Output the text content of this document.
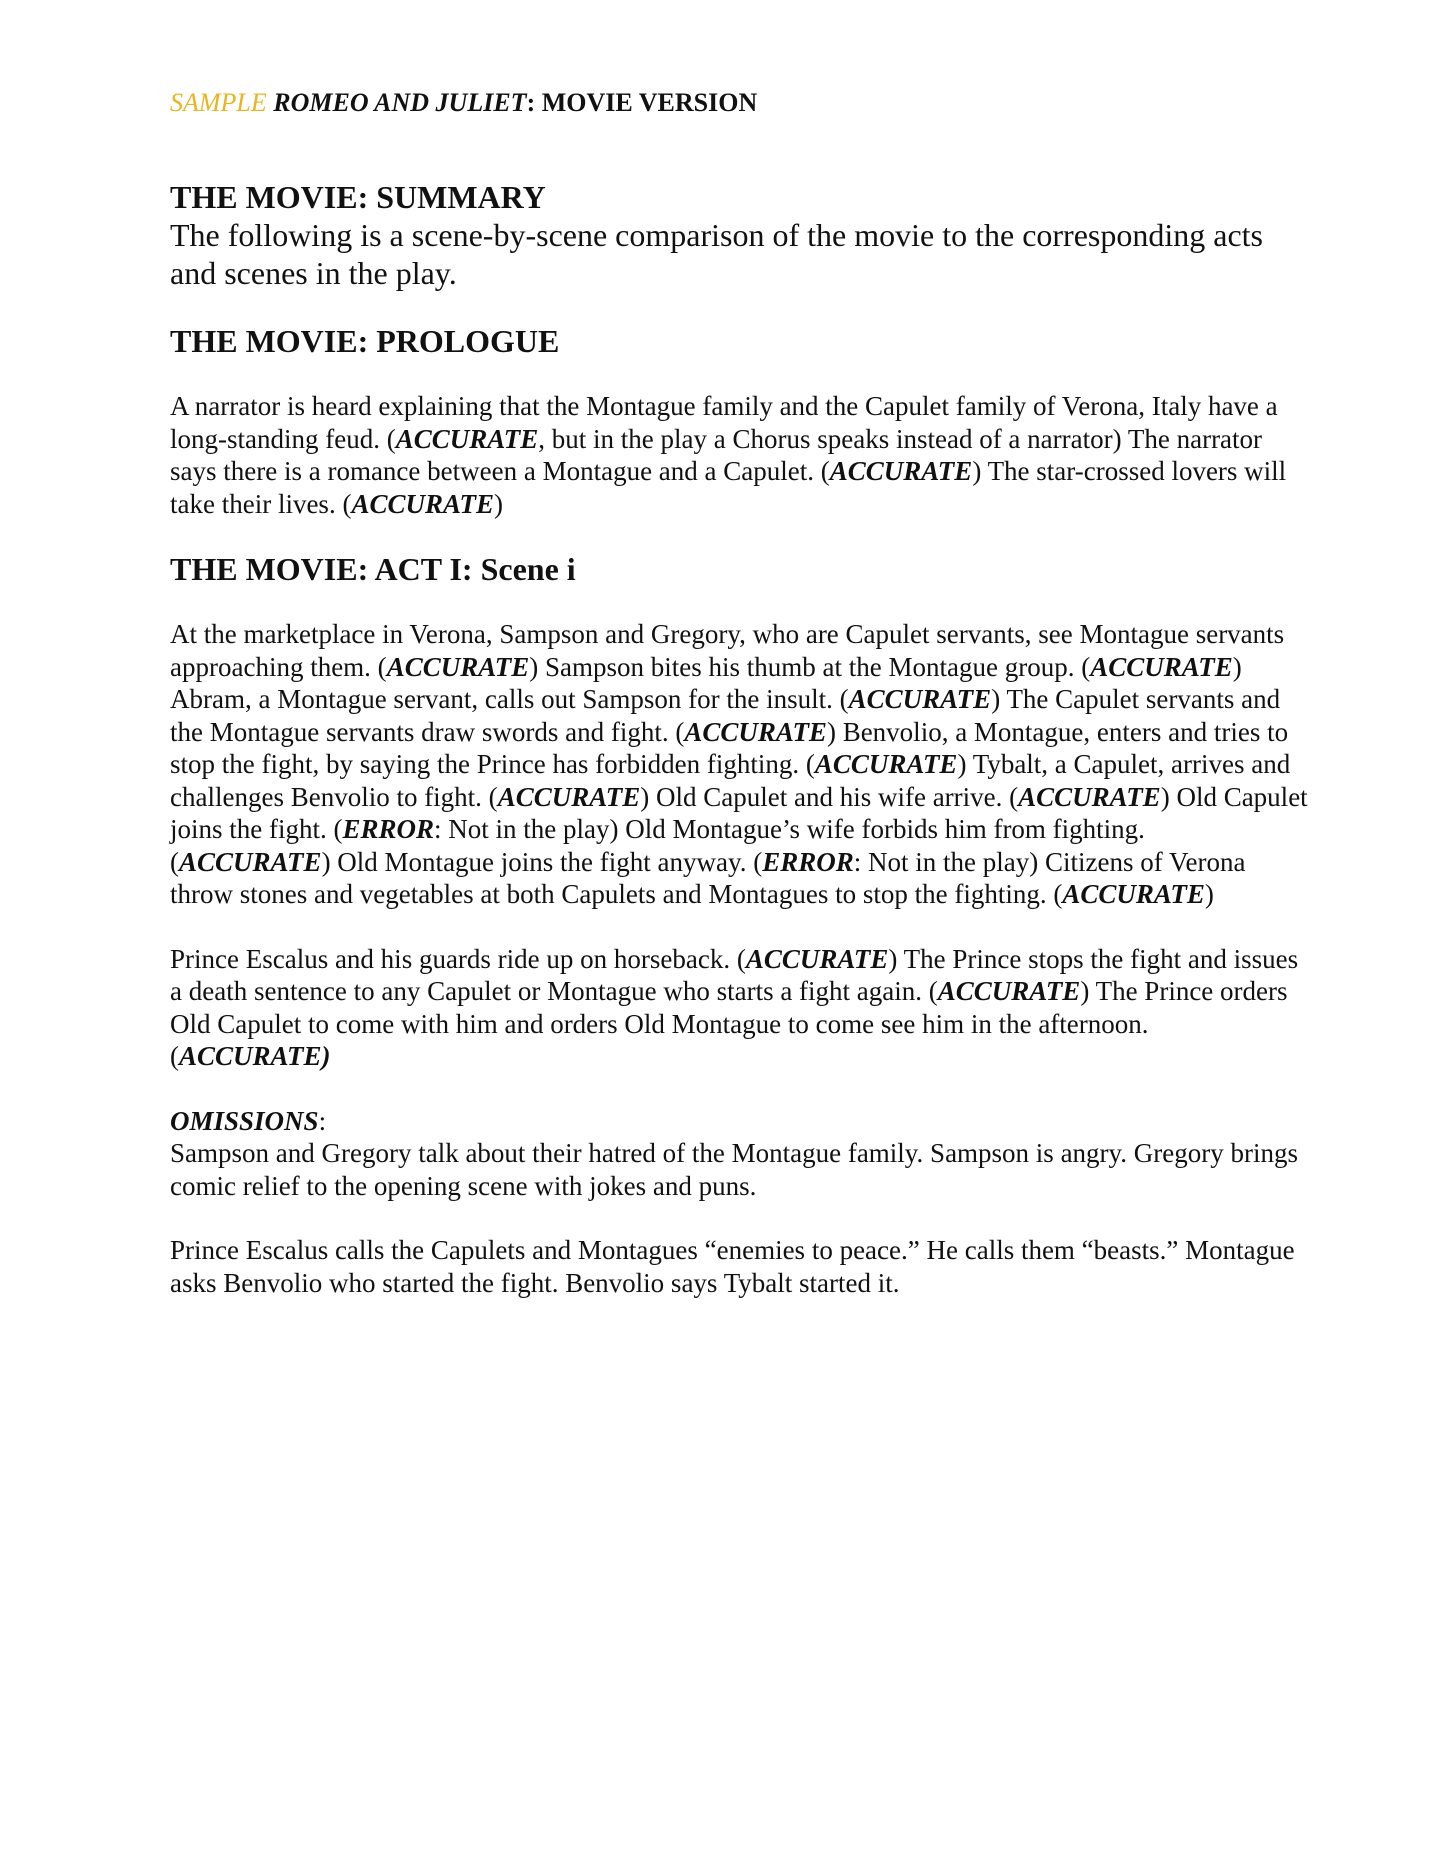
SAMPLE ROMEO AND JULIET: MOVIE VERSION

THE MOVIE: SUMMARY

The following is a scene-by-scene comparison of the movie to the corresponding acts and scenes in the play.

THE MOVIE: PROLOGUE

A narrator is heard explaining that the Montague family and the Capulet family of Verona, Italy have a long-standing feud. (ACCURATE, but in the play a Chorus speaks instead of a narrator) The narrator says there is a romance between a Montague and a Capulet. (ACCURATE) The star-crossed lovers will take their lives. (ACCURATE)

THE MOVIE: ACT I: Scene i

At the marketplace in Verona, Sampson and Gregory, who are Capulet servants, see Montague servants approaching them. (ACCURATE) Sampson bites his thumb at the Montague group. (ACCURATE) Abram, a Montague servant, calls out Sampson for the insult. (ACCURATE) The Capulet servants and the Montague servants draw swords and fight. (ACCURATE) Benvolio, a Montague, enters and tries to stop the fight, by saying the Prince has forbidden fighting. (ACCURATE) Tybalt, a Capulet, arrives and challenges Benvolio to fight. (ACCURATE) Old Capulet and his wife arrive. (ACCURATE) Old Capulet joins the fight. (ERROR: Not in the play) Old Montague’s wife forbids him from fighting. (ACCURATE) Old Montague joins the fight anyway. (ERROR: Not in the play) Citizens of Verona throw stones and vegetables at both Capulets and Montagues to stop the fighting. (ACCURATE)

Prince Escalus and his guards ride up on horseback. (ACCURATE) The Prince stops the fight and issues a death sentence to any Capulet or Montague who starts a fight again. (ACCURATE) The Prince orders Old Capulet to come with him and orders Old Montague to come see him in the afternoon. (ACCURATE)

OMISSIONS:

Sampson and Gregory talk about their hatred of the Montague family. Sampson is angry. Gregory brings comic relief to the opening scene with jokes and puns.

Prince Escalus calls the Capulets and Montagues “enemies to peace.” He calls them “beasts.” Montague asks Benvolio who started the fight. Benvolio says Tybalt started it.
